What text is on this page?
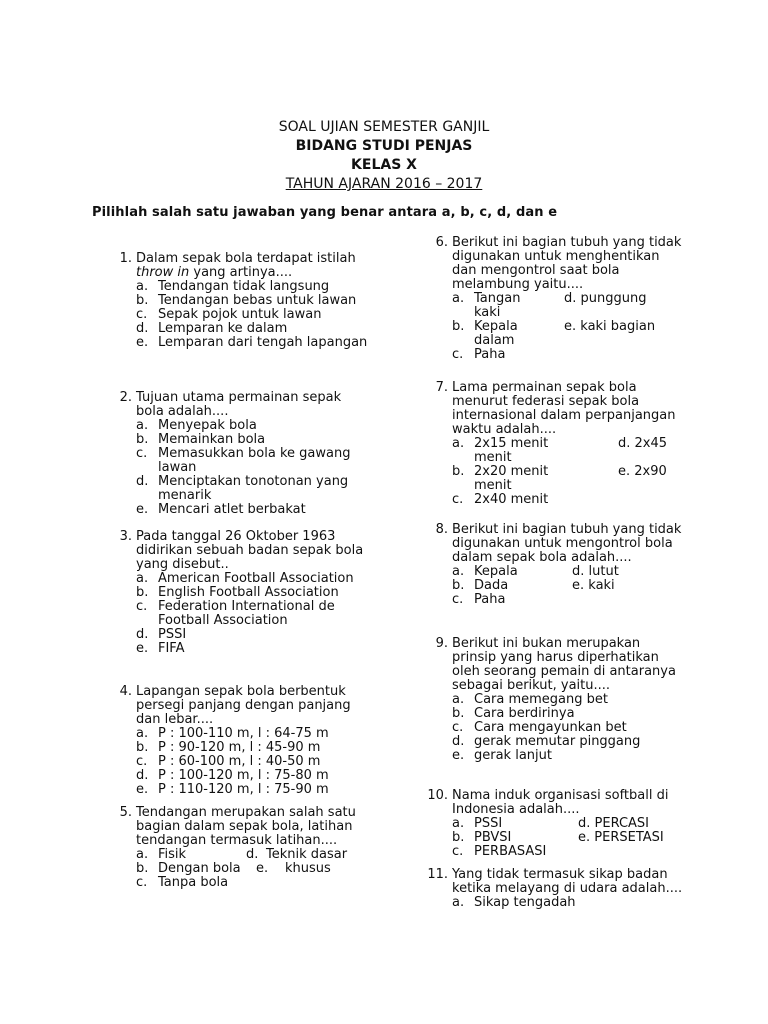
SOAL UJIAN SEMESTER GANJIL
BIDANG STUDI PENJAS
KELAS X
TAHUN AJARAN 2016 – 2017
Pilihlah salah satu jawaban yang benar antara a, b, c, d, dan e
1. Dalam sepak bola terdapat istilah throw in yang artinya....
a. Tendangan tidak langsung
b. Tendangan bebas untuk lawan
c. Sepak pojok untuk lawan
d. Lemparan ke dalam
e. Lemparan dari tengah lapangan
2. Tujuan utama permainan sepak bola adalah....
a. Menyepak bola
b. Memainkan bola
c. Memasukkan bola ke gawang lawan
d. Menciptakan tonotonan yang menarik
e. Mencari atlet berbakat
3. Pada tanggal 26 Oktober 1963 didirikan sebuah badan sepak bola yang disebut..
a. American Football Association
b. English Football Association
c. Federation International de Football Association
d. PSSI
e. FIFA
4. Lapangan sepak bola berbentuk persegi panjang dengan panjang dan lebar....
a. P : 100-110 m, l : 64-75 m
b. P : 90-120 m, l : 45-90 m
c. P : 60-100 m, l : 40-50 m
d. P : 100-120 m, l : 75-80 m
e. P : 110-120 m, l : 75-90 m
5. Tendangan merupakan salah satu bagian dalam sepak bola, latihan tendangan termasuk latihan....
a. Fisik	d. Teknik dasar
b. Dengan bola e. khusus
c. Tanpa bola
6. Berikut ini bagian tubuh yang tidak digunakan untuk menghentikan dan mengontrol saat bola melambung yaitu....
a. Tangan	d. punggung
kaki
b. Kepala	e. kaki bagian
dalam
c. Paha
7. Lama permainan sepak bola menurut federasi sepak bola internasional dalam perpanjangan waktu adalah....
a. 2x15 menit	d. 2x45
menit
b. 2x20 menit	e. 2x90
menit
c. 2x40 menit
8. Berikut ini bagian tubuh yang tidak digunakan untuk mengontrol bola dalam sepak bola adalah....
a. Kepala	d. lutut
b. Dada	e. kaki
c. Paha
9. Berikut ini bukan merupakan prinsip yang harus diperhatikan oleh seorang pemain di antaranya sebagai berikut, yaitu....
a. Cara memegang bet
b. Cara berdirinya
c. Cara mengayunkan bet
d. gerak memutar pinggang
e. gerak lanjut
10. Nama induk organisasi softball di Indonesia adalah....
a. PSSI	d. PERCASI
b. PBVSI	e. PERSETASI
c. PERBASASI
11. Yang tidak termasuk sikap badan ketika melayang di udara adalah....
a. Sikap tengadah
